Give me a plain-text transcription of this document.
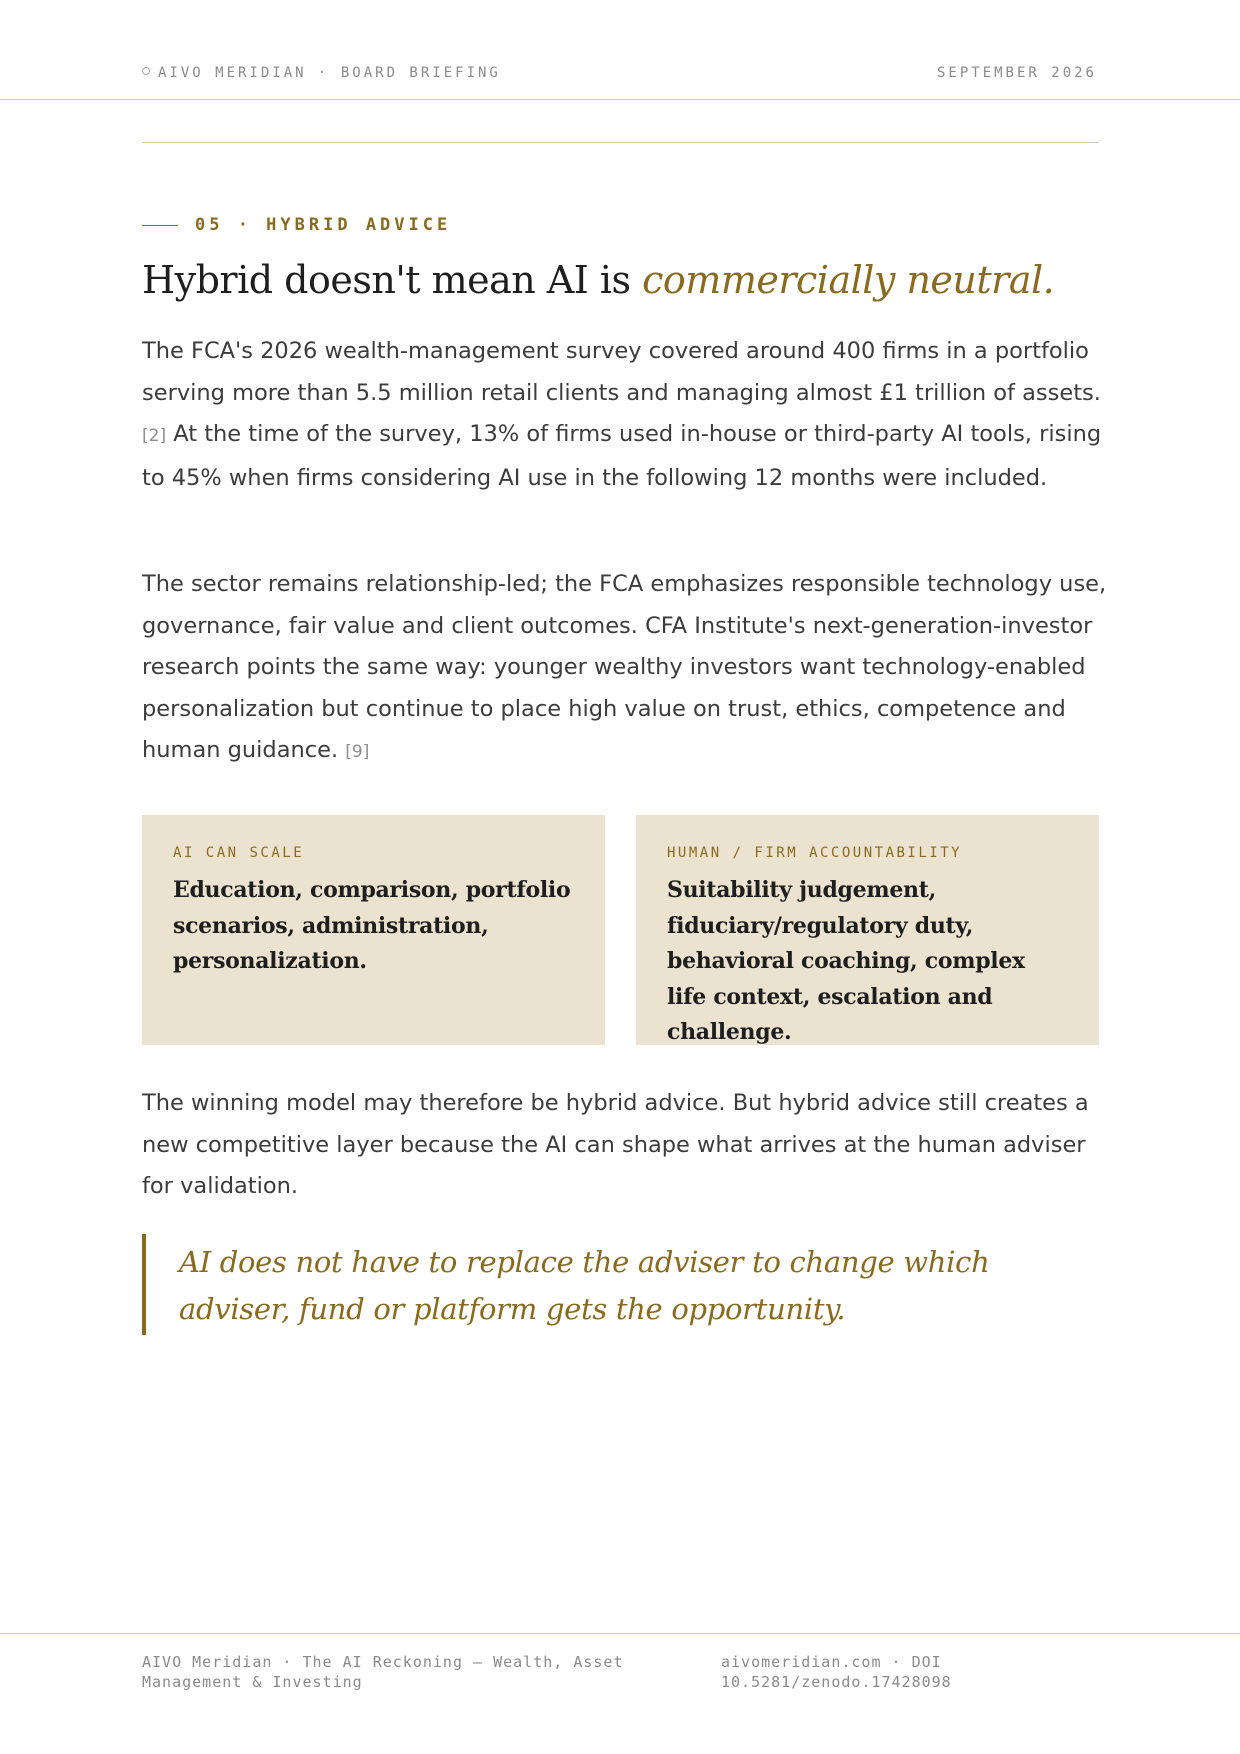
AIVO MERIDIAN · BOARD BRIEFING	SEPTEMBER 2026
05 · HYBRID ADVICE
Hybrid doesn't mean AI is commercially neutral.

The FCA's 2026 wealth-management survey covered around 400 firms in a portfolio serving more than 5.5 million retail clients and managing almost £1 trillion of assets. [2] At the time of the survey, 13% of firms used in-house or third-party AI tools, rising to 45% when firms considering AI use in the following 12 months were included.

The sector remains relationship-led; the FCA emphasizes responsible technology use, governance, fair value and client outcomes. CFA Institute's next-generation-investor research points the same way: younger wealthy investors want technology-enabled personalization but continue to place high value on trust, ethics, competence and human guidance. [9]

AI CAN SCALE
Education, comparison, portfolio scenarios, administration, personalization.
HUMAN / FIRM ACCOUNTABILITY
Suitability judgement, fiduciary/regulatory duty, behavioral coaching, complex life context, escalation and challenge.

The winning model may therefore be hybrid advice. But hybrid advice still creates a new competitive layer because the AI can shape what arrives at the human adviser for validation.

AI does not have to replace the adviser to change which adviser, fund or platform gets the opportunity.
AIVO Meridian · The AI Reckoning — Wealth, Asset Management & Investing
aivomeridian.com · DOI 10.5281/zenodo.17428098
